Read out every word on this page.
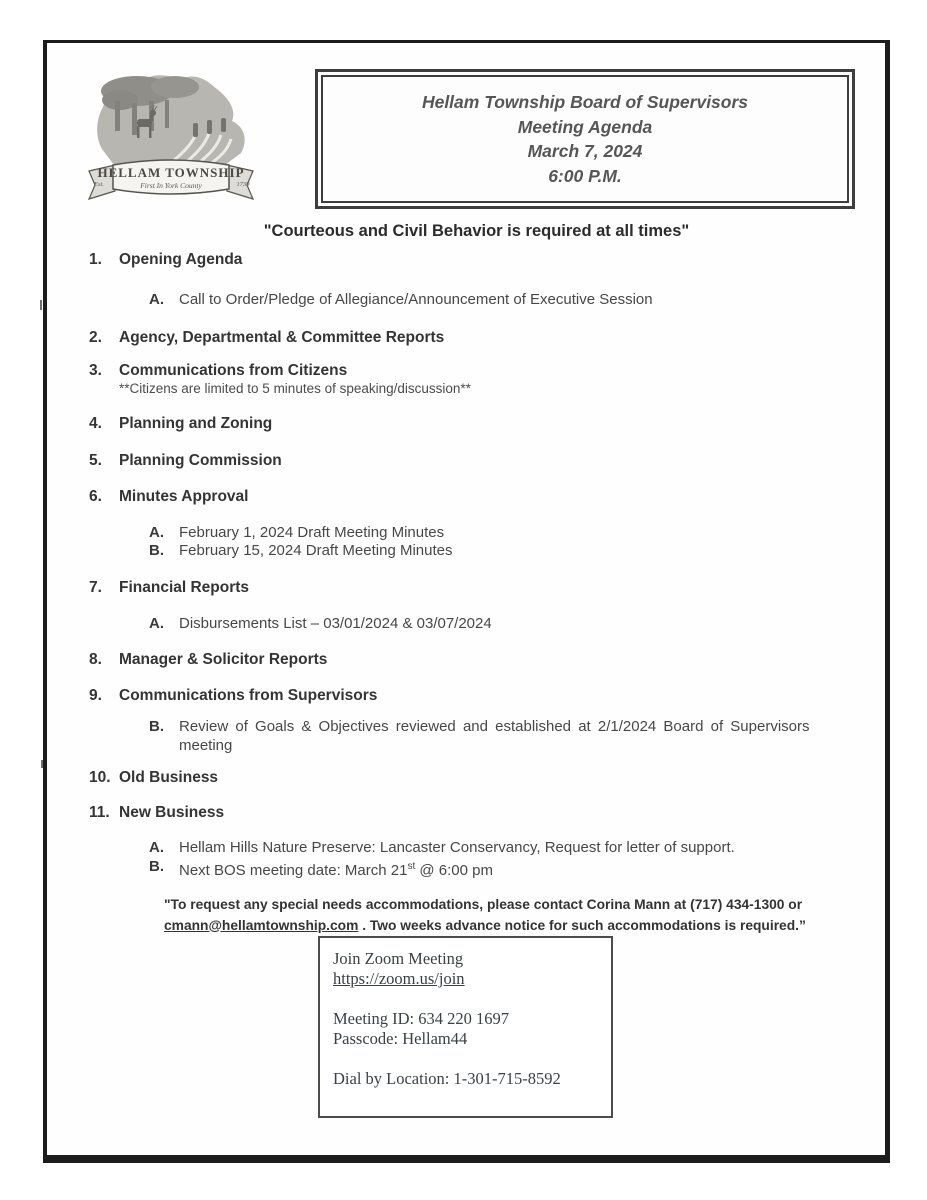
HELLAM TOWNSHIP
First In York County
Est.	1739
Hellam Township Board of Supervisors
Meeting Agenda
March 7, 2024
6:00 P.M.
"Courteous and Civil Behavior is required at all times"
1.	Opening Agenda
A.	Call to Order/Pledge of Allegiance/Announcement of Executive Session
2.	Agency, Departmental & Committee Reports
3.	Communications from Citizens
**Citizens are limited to 5 minutes of speaking/discussion**
4.	Planning and Zoning
5.	Planning Commission
6.	Minutes Approval
A.	February 1, 2024 Draft Meeting Minutes
B.	February 15, 2024 Draft Meeting Minutes
7.	Financial Reports
A.	Disbursements List – 03/01/2024 & 03/07/2024
8.	Manager & Solicitor Reports
9.	Communications from Supervisors
B.	Review of Goals & Objectives reviewed and established at 2/1/2024 Board of Supervisors
meeting
10. Old Business
11. New Business
A.	Hellam Hills Nature Preserve: Lancaster Conservancy, Request for letter of support.
B.	Next BOS meeting date: March 21st @ 6:00 pm
"To request any special needs accommodations, please contact Corina Mann at (717) 434-1300 or
cmann@hellamtownship.com . Two weeks advance notice for such accommodations is required.”
Join Zoom Meeting
https://zoom.us/join
Meeting ID: 634 220 1697
Passcode: Hellam44
Dial by Location: 1-301-715-8592
